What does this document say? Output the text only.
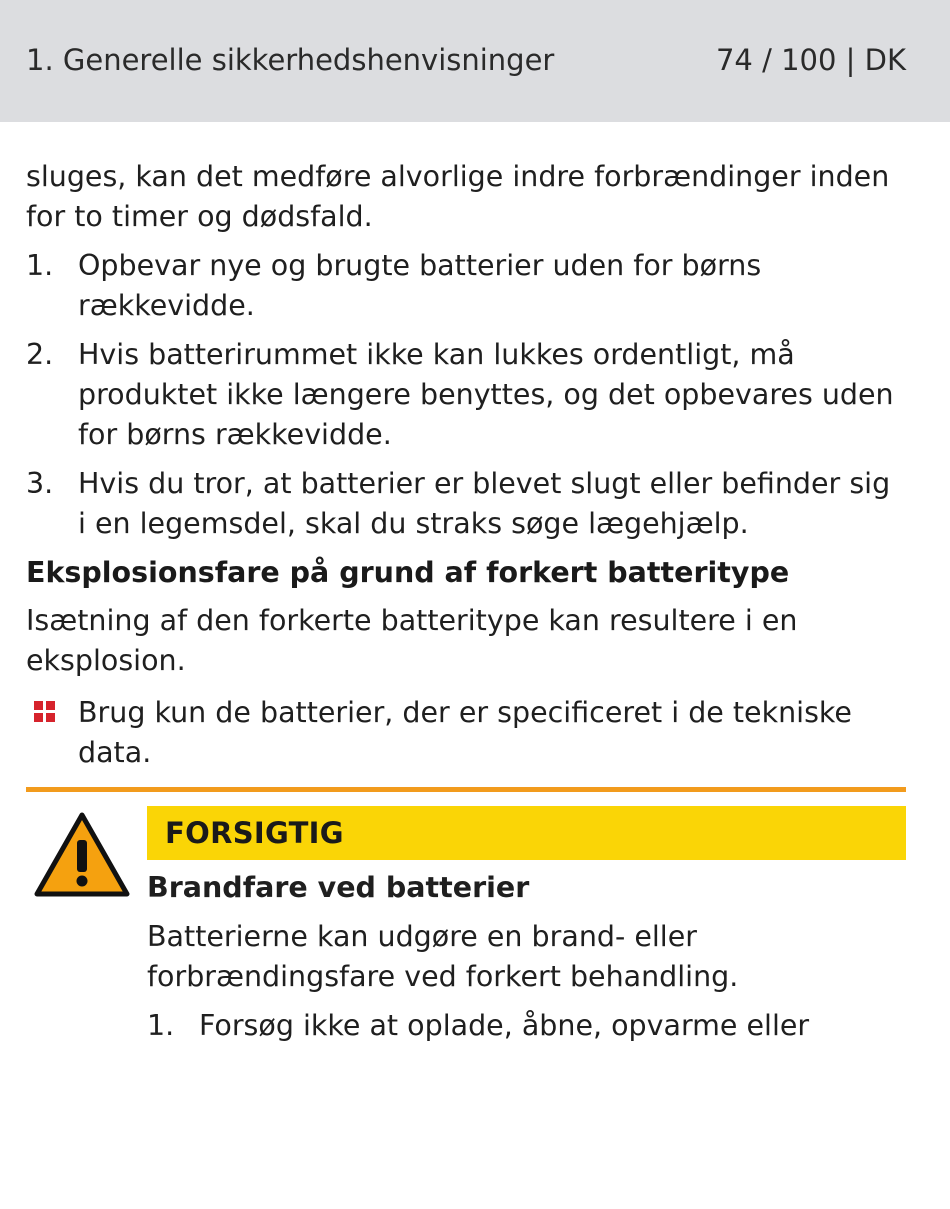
1. Generelle sikkerhedshenvisninger	74 / 100 | DK

sluges, kan det medføre alvorlige indre forbrændinger inden for to timer og dødsfald.

1. Opbevar nye og brugte batterier uden for børns rækkevidde.
2. Hvis batterirummet ikke kan lukkes ordentligt, må produktet ikke længere benyttes, og det opbevares uden for børns rækkevidde.
3. Hvis du tror, at batterier er blevet slugt eller befinder sig i en legemsdel, skal du straks søge lægehjælp.
Eksplosionsfare på grund af forkert batteritype

Isætning af den forkerte batteritype kan resultere i en eksplosion.

Brug kun de batterier, der er specificeret i de tekniske data.
FORSIGTIG
Brandfare ved batterier

Batterierne kan udgøre en brand- eller forbrændingsfare ved forkert behandling.

1. Forsøg ikke at oplade, åbne, opvarme eller
